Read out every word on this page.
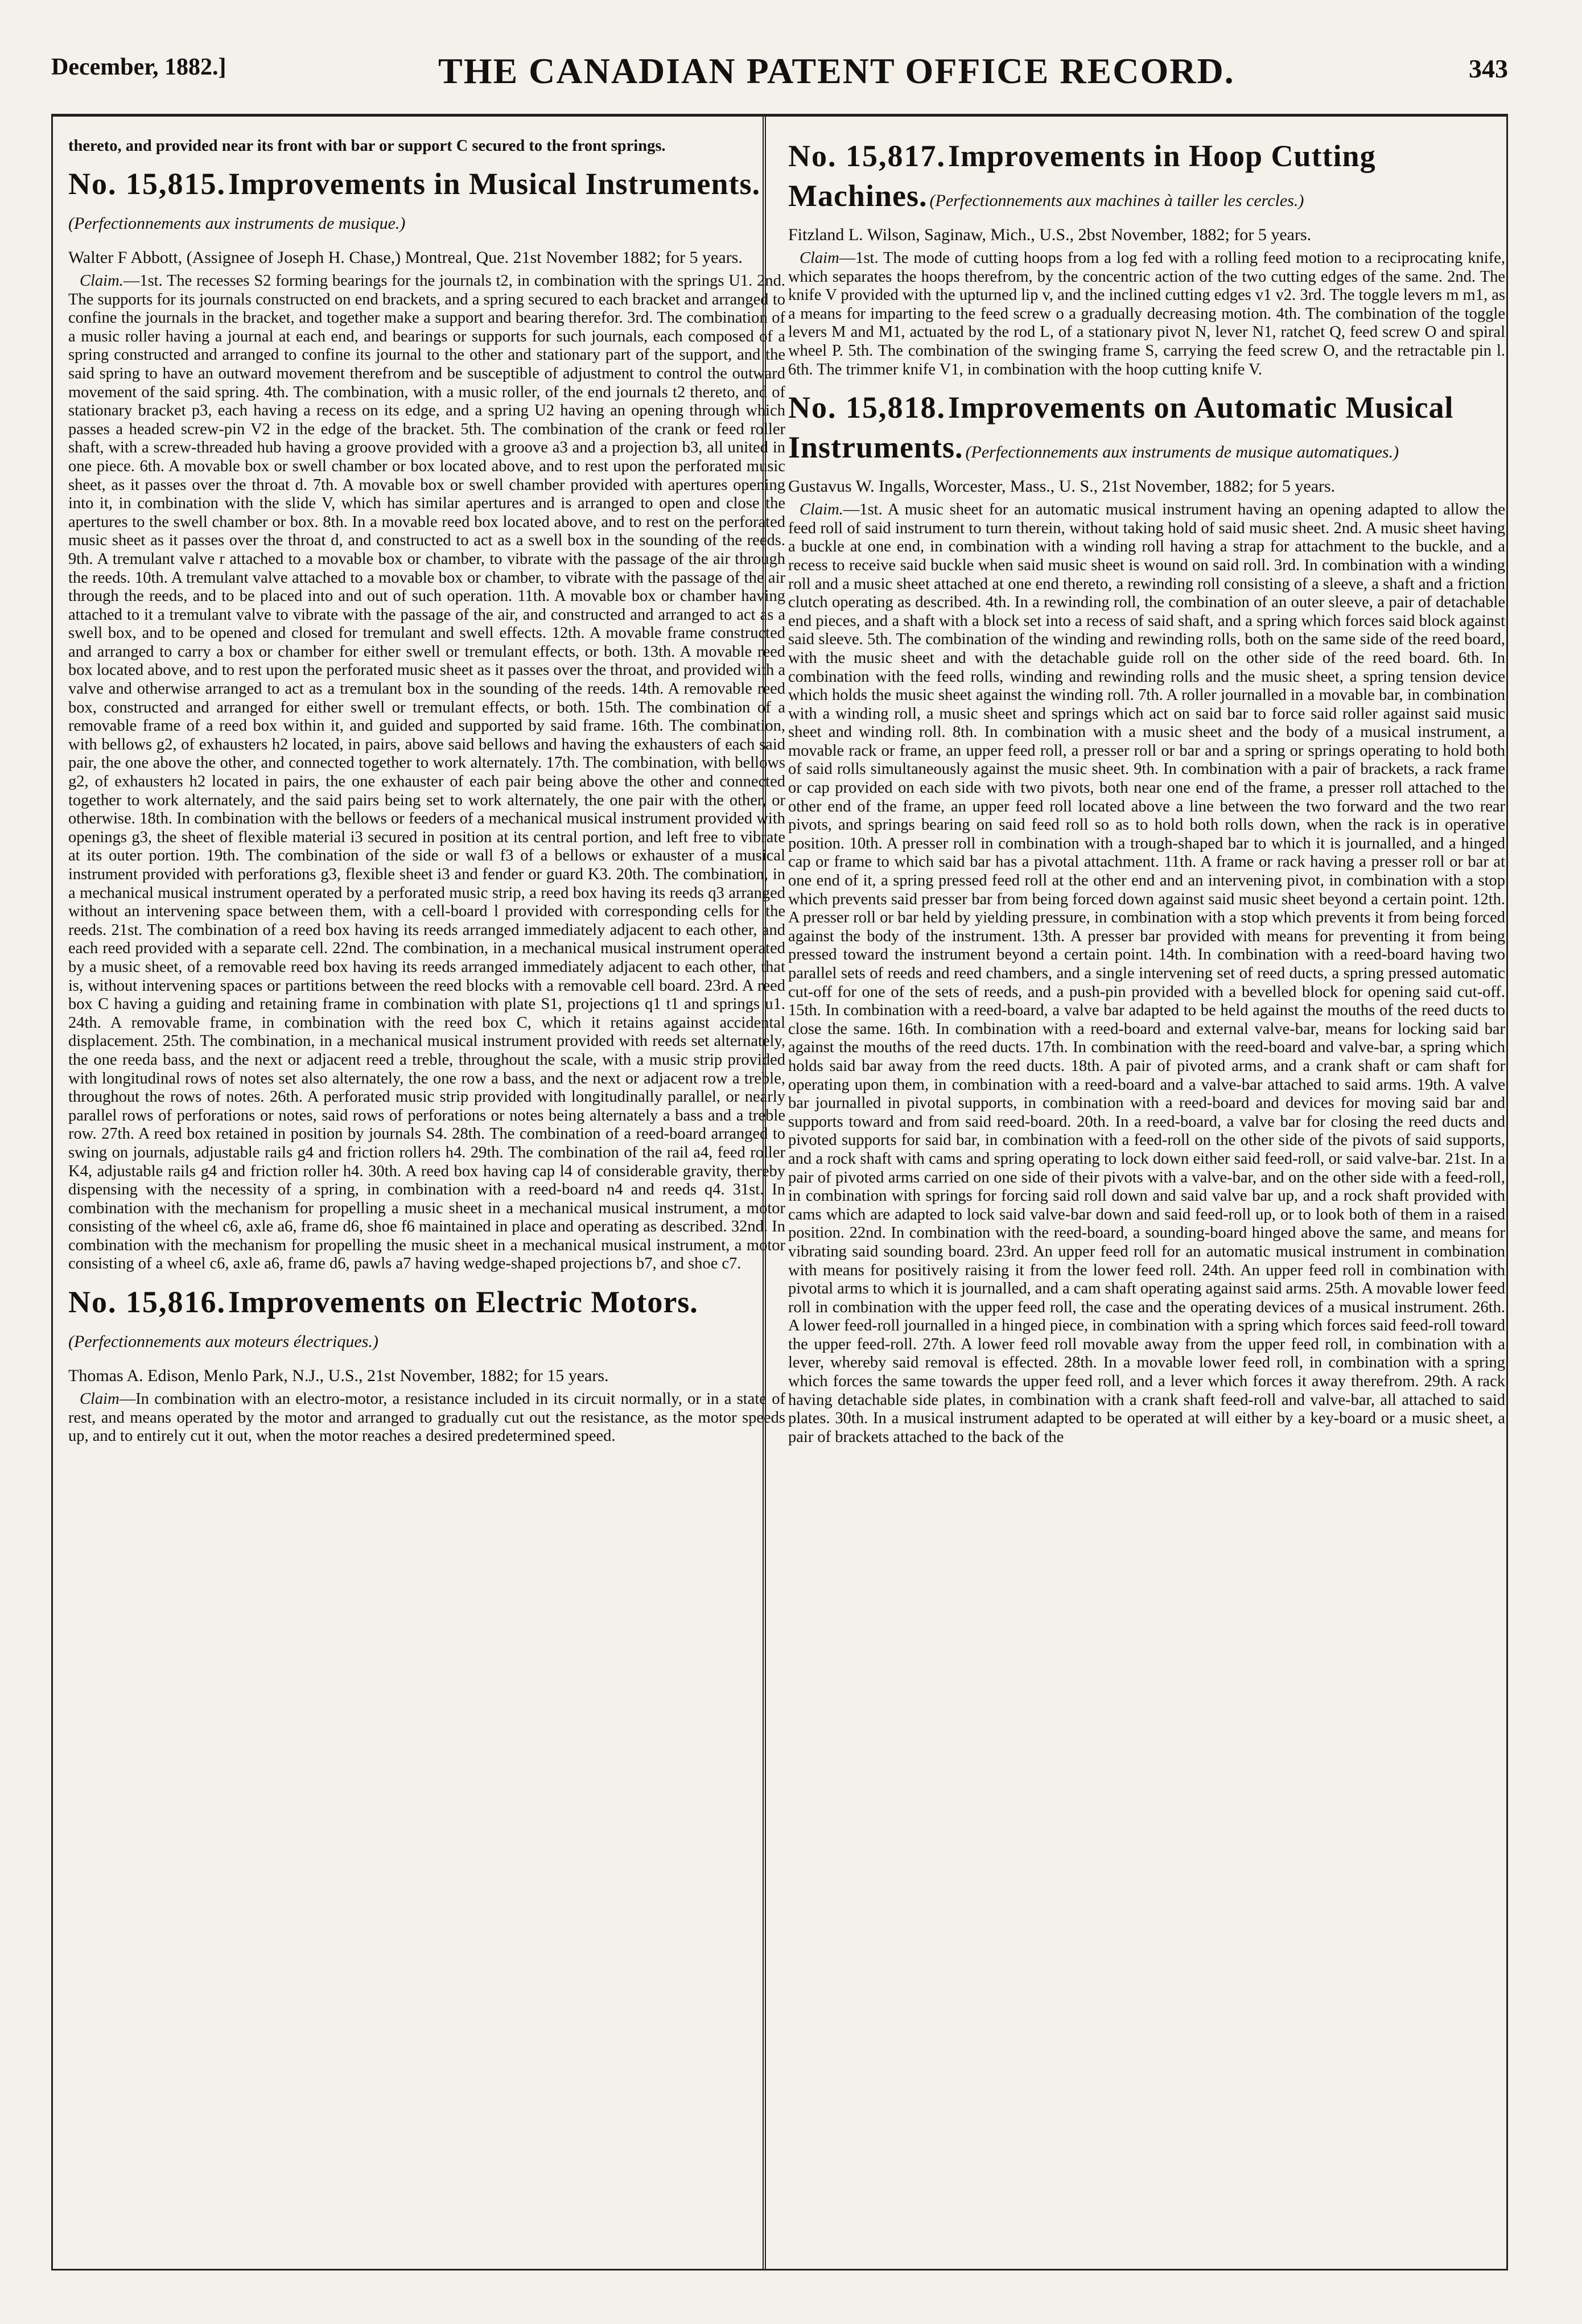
December, 1882.]	THE CANADIAN PATENT OFFICE RECORD.	343

thereto, and provided near its front with bar or support C secured to the front springs.

No. 15,815. Improvements in Musical Instruments. (Perfectionnements aux instruments de musique.)

Walter F Abbott, (Assignee of Joseph H. Chase,) Montreal, Que. 21st November 1882; for 5 years.

Claim.—1st. The recesses S2 forming bearings for the journals t2, in combination with the springs U1. 2nd. The supports for its journals constructed on end brackets, and a spring secured to each bracket and arranged to confine the journals in the bracket, and together make a support and bearing therefor. 3rd. The combination of a music roller having a journal at each end, and bearings or supports for such journals, each composed of a spring constructed and arranged to confine its journal to the other and stationary part of the support, and the said spring to have an outward movement therefrom and be susceptible of adjustment to control the outward movement of the said spring. 4th. The combination, with a music roller, of the end journals t2 thereto, and of stationary bracket p3, each having a recess on its edge, and a spring U2 having an opening through which passes a headed screw-pin V2 in the edge of the bracket. 5th. The combination of the crank or feed roller shaft, with a screw-threaded hub having a groove provided with a groove a3 and a projection b3, all united in one piece. 6th. A movable box or swell chamber or box located above, and to rest upon the perforated music sheet, as it passes over the throat d. 7th. A movable box or swell chamber provided with apertures opening into it, in combination with the slide V, which has similar apertures and is arranged to open and close the apertures to the swell chamber or box. 8th. In a movable reed box located above, and to rest on the perforated music sheet as it passes over the throat d, and constructed to act as a swell box in the sounding of the reeds. 9th. A tremulant valve r attached to a movable box or chamber, to vibrate with the passage of the air through the reeds. 10th. A tremulant valve attached to a movable box or chamber, to vibrate with the passage of the air through the reeds, and to be placed into and out of such operation. 11th. A movable box or chamber having attached to it a tremulant valve to vibrate with the passage of the air, and constructed and arranged to act as a swell box, and to be opened and closed for tremulant and swell effects. 12th. A movable frame constructed and arranged to carry a box or chamber for either swell or tremulant effects, or both. 13th. A movable reed box located above, and to rest upon the perforated music sheet as it passes over the throat, and provided with a valve and otherwise arranged to act as a tremulant box in the sounding of the reeds. 14th. A removable reed box, constructed and arranged for either swell or tremulant effects, or both. 15th. The combination of a removable frame of a reed box within it, and guided and supported by said frame. 16th. The combination, with bellows g2, of exhausters h2 located, in pairs, above said bellows and having the exhausters of each said pair, the one above the other, and connected together to work alternately. 17th. The combination, with bellows g2, of exhausters h2 located in pairs, the one exhauster of each pair being above the other and connected together to work alternately, and the said pairs being set to work alternately, the one pair with the other, or otherwise. 18th. In combination with the bellows or feeders of a mechanical musical instrument provided with openings g3, the sheet of flexible material i3 secured in position at its central portion, and left free to vibrate at its outer portion. 19th. The combination of the side or wall f3 of a bellows or exhauster of a musical instrument provided with perforations g3, flexible sheet i3 and fender or guard K3. 20th. The combination, in a mechanical musical instrument operated by a perforated music strip, a reed box having its reeds q3 arranged without an intervening space between them, with a cell-board l provided with corresponding cells for the reeds. 21st. The combination of a reed box having its reeds arranged immediately adjacent to each other, and each reed provided with a separate cell. 22nd. The combination, in a mechanical musical instrument operated by a music sheet, of a removable reed box having its reeds arranged immediately adjacent to each other, that is, without intervening spaces or partitions between the reed blocks with a removable cell board. 23rd. A reed box C having a guiding and retaining frame in combination with plate S1, projections q1 t1 and springs u1. 24th. A removable frame, in combination with the reed box C, which it retains against accidental displacement. 25th. The combination, in a mechanical musical instrument provided with reeds set alternately, the one reeda bass, and the next or adjacent reed a treble, throughout the scale, with a music strip provided with longitudinal rows of notes set also alternately, the one row a bass, and the next or adjacent row a treble, throughout the rows of notes. 26th. A perforated music strip provided with longitudinally parallel, or nearly parallel rows of perforations or notes, said rows of perforations or notes being alternately a bass and a treble row. 27th. A reed box retained in position by journals S4. 28th. The combination of a reed-board arranged to swing on journals, adjustable rails g4 and friction rollers h4. 29th. The combination of the rail a4, feed roller K4, adjustable rails g4 and friction roller h4. 30th. A reed box having cap l4 of considerable gravity, thereby dispensing with the necessity of a spring, in combination with a reed-board n4 and reeds q4. 31st. In combination with the mechanism for propelling a music sheet in a mechanical musical instrument, a motor consisting of the wheel c6, axle a6, frame d6, shoe f6 maintained in place and operating as described. 32nd. In combination with the mechanism for propelling the music sheet in a mechanical musical instrument, a motor consisting of a wheel c6, axle a6, frame d6, pawls a7 having wedge-shaped projections b7, and shoe c7.

No. 15,816. Improvements on Electric Motors. (Perfectionnements aux moteurs électriques.)

Thomas A. Edison, Menlo Park, N.J., U.S., 21st November, 1882; for 15 years.

Claim—In combination with an electro-motor, a resistance included in its circuit normally, or in a state of rest, and means operated by the motor and arranged to gradually cut out the resistance, as the motor speeds up, and to entirely cut it out, when the motor reaches a desired predetermined speed.

No. 15,817. Improvements in Hoop Cutting Machines. (Perfectionnements aux machines à tailler les cercles.)

Fitzland L. Wilson, Saginaw, Mich., U.S., 2bst November, 1882; for 5 years.

Claim—1st. The mode of cutting hoops from a log fed with a rolling feed motion to a reciprocating knife, which separates the hoops therefrom, by the concentric action of the two cutting edges of the same. 2nd. The knife V provided with the upturned lip v, and the inclined cutting edges v1 v2. 3rd. The toggle levers m m1, as a means for imparting to the feed screw o a gradually decreasing motion. 4th. The combination of the toggle levers M and M1, actuated by the rod L, of a stationary pivot N, lever N1, ratchet Q, feed screw O and spiral wheel P. 5th. The combination of the swinging frame S, carrying the feed screw O, and the retractable pin l. 6th. The trimmer knife V1, in combination with the hoop cutting knife V.

No. 15,818. Improvements on Automatic Musical Instruments. (Perfectionnements aux instruments de musique automatiques.)

Gustavus W. Ingalls, Worcester, Mass., U. S., 21st November, 1882; for 5 years.

Claim.—1st. A music sheet for an automatic musical instrument having an opening adapted to allow the feed roll of said instrument to turn therein, without taking hold of said music sheet. 2nd. A music sheet having a buckle at one end, in combination with a winding roll having a strap for attachment to the buckle, and a recess to receive said buckle when said music sheet is wound on said roll. 3rd. In combination with a winding roll and a music sheet attached at one end thereto, a rewinding roll consisting of a sleeve, a shaft and a friction clutch operating as described. 4th. In a rewinding roll, the combination of an outer sleeve, a pair of detachable end pieces, and a shaft with a block set into a recess of said shaft, and a spring which forces said block against said sleeve. 5th. The combination of the winding and rewinding rolls, both on the same side of the reed board, with the music sheet and with the detachable guide roll on the other side of the reed board. 6th. In combination with the feed rolls, winding and rewinding rolls and the music sheet, a spring tension device which holds the music sheet against the winding roll. 7th. A roller journalled in a movable bar, in combination with a winding roll, a music sheet and springs which act on said bar to force said roller against said music sheet and winding roll. 8th. In combination with a music sheet and the body of a musical instrument, a movable rack or frame, an upper feed roll, a presser roll or bar and a spring or springs operating to hold both of said rolls simultaneously against the music sheet. 9th. In combination with a pair of brackets, a rack frame or cap provided on each side with two pivots, both near one end of the frame, a presser roll attached to the other end of the frame, an upper feed roll located above a line between the two forward and the two rear pivots, and springs bearing on said feed roll so as to hold both rolls down, when the rack is in operative position. 10th. A presser roll in combination with a trough-shaped bar to which it is journalled, and a hinged cap or frame to which said bar has a pivotal attachment. 11th. A frame or rack having a presser roll or bar at one end of it, a spring pressed feed roll at the other end and an intervening pivot, in combination with a stop which prevents said presser bar from being forced down against said music sheet beyond a certain point. 12th. A presser roll or bar held by yielding pressure, in combination with a stop which prevents it from being forced against the body of the instrument. 13th. A presser bar provided with means for preventing it from being pressed toward the instrument beyond a certain point. 14th. In combination with a reed-board having two parallel sets of reeds and reed chambers, and a single intervening set of reed ducts, a spring pressed automatic cut-off for one of the sets of reeds, and a push-pin provided with a bevelled block for opening said cut-off. 15th. In combination with a reed-board, a valve bar adapted to be held against the mouths of the reed ducts to close the same. 16th. In combination with a reed-board and external valve-bar, means for locking said bar against the mouths of the reed ducts. 17th. In combination with the reed-board and valve-bar, a spring which holds said bar away from the reed ducts. 18th. A pair of pivoted arms, and a crank shaft or cam shaft for operating upon them, in combination with a reed-board and a valve-bar attached to said arms. 19th. A valve bar journalled in pivotal supports, in combination with a reed-board and devices for moving said bar and supports toward and from said reed-board. 20th. In a reed-board, a valve bar for closing the reed ducts and pivoted supports for said bar, in combination with a feed-roll on the other side of the pivots of said supports, and a rock shaft with cams and spring operating to lock down either said feed-roll, or said valve-bar. 21st. In a pair of pivoted arms carried on one side of their pivots with a valve-bar, and on the other side with a feed-roll, in combination with springs for forcing said roll down and said valve bar up, and a rock shaft provided with cams which are adapted to lock said valve-bar down and said feed-roll up, or to look both of them in a raised position. 22nd. In combination with the reed-board, a sounding-board hinged above the same, and means for vibrating said sounding board. 23rd. An upper feed roll for an automatic musical instrument in combination with means for positively raising it from the lower feed roll. 24th. An upper feed roll in combination with pivotal arms to which it is journalled, and a cam shaft operating against said arms. 25th. A movable lower feed roll in combination with the upper feed roll, the case and the operating devices of a musical instrument. 26th. A lower feed-roll journalled in a hinged piece, in combination with a spring which forces said feed-roll toward the upper feed-roll. 27th. A lower feed roll movable away from the upper feed roll, in combination with a lever, whereby said removal is effected. 28th. In a movable lower feed roll, in combination with a spring which forces the same towards the upper feed roll, and a lever which forces it away therefrom. 29th. A rack having detachable side plates, in combination with a crank shaft feed-roll and valve-bar, all attached to said plates. 30th. In a musical instrument adapted to be operated at will either by a key-board or a music sheet, a pair of brackets attached to the back of the
